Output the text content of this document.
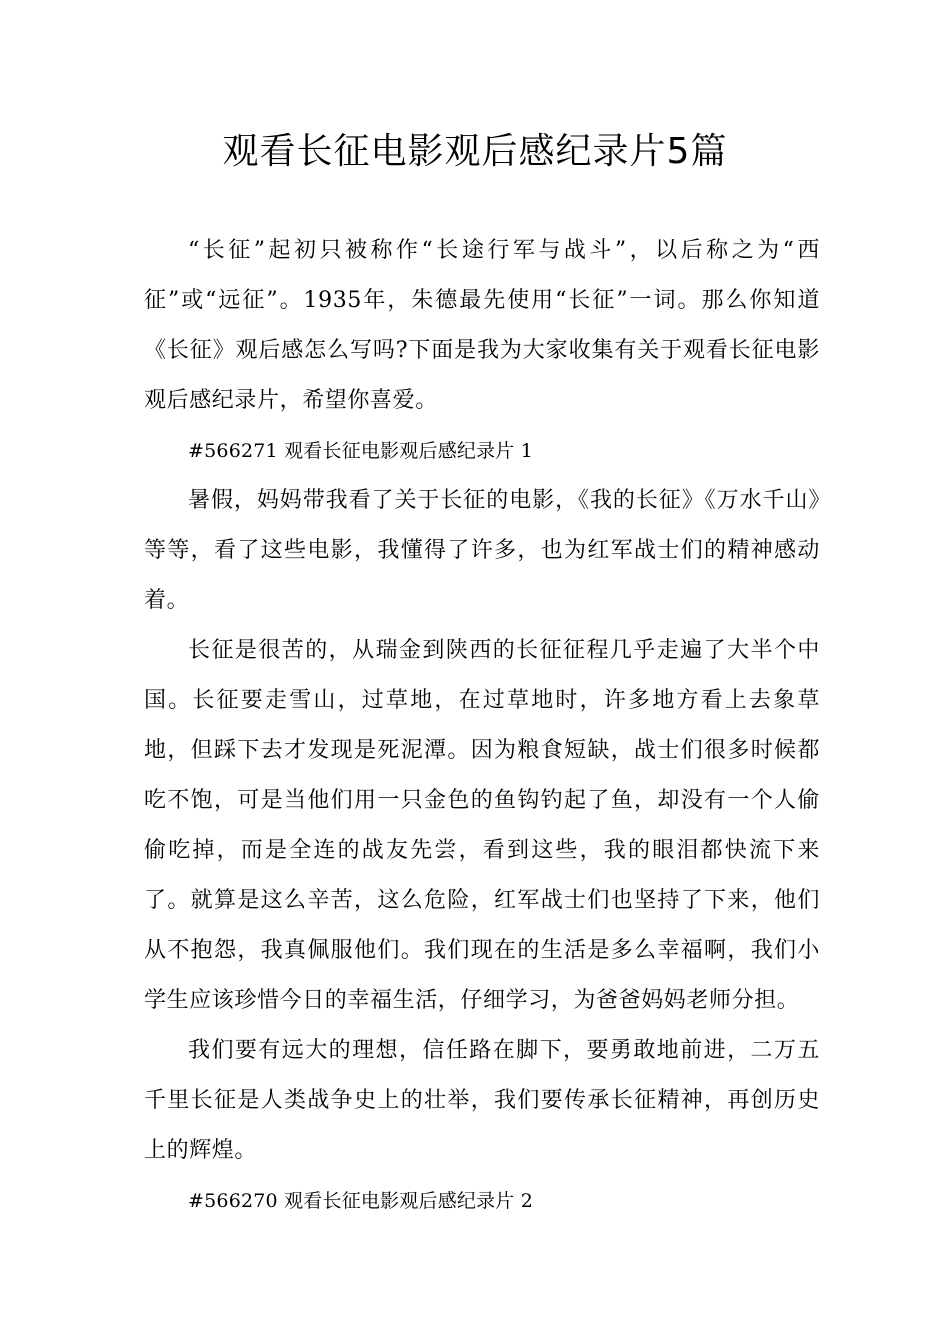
观看长征电影观后感纪录片5篇

“长征”起初只被称作“长途行军与战斗”，以后称之为“西征”或“远征”。1935年，朱德最先使用“长征”一词。那么你知道《长征》观后感怎么写吗?下面是我为大家收集有关于观看长征电影观后感纪录片，希望你喜爱。

#566271 观看长征电影观后感纪录片 1

暑假，妈妈带我看了关于长征的电影，《我的长征》《万水千山》等等，看了这些电影，我懂得了许多，也为红军战士们的精神感动着。

长征是很苦的，从瑞金到陕西的长征征程几乎走遍了大半个中国。长征要走雪山，过草地，在过草地时，许多地方看上去象草地，但踩下去才发现是死泥潭。因为粮食短缺，战士们很多时候都吃不饱，可是当他们用一只金色的鱼钩钓起了鱼，却没有一个人偷偷吃掉，而是全连的战友先尝，看到这些，我的眼泪都快流下来了。就算是这么辛苦，这么危险，红军战士们也坚持了下来，他们从不抱怨，我真佩服他们。我们现在的生活是多么幸福啊，我们小学生应该珍惜今日的幸福生活，仔细学习，为爸爸妈妈老师分担。

我们要有远大的理想，信任路在脚下，要勇敢地前进，二万五千里长征是人类战争史上的壮举，我们要传承长征精神，再创历史上的辉煌。

#566270 观看长征电影观后感纪录片 2
